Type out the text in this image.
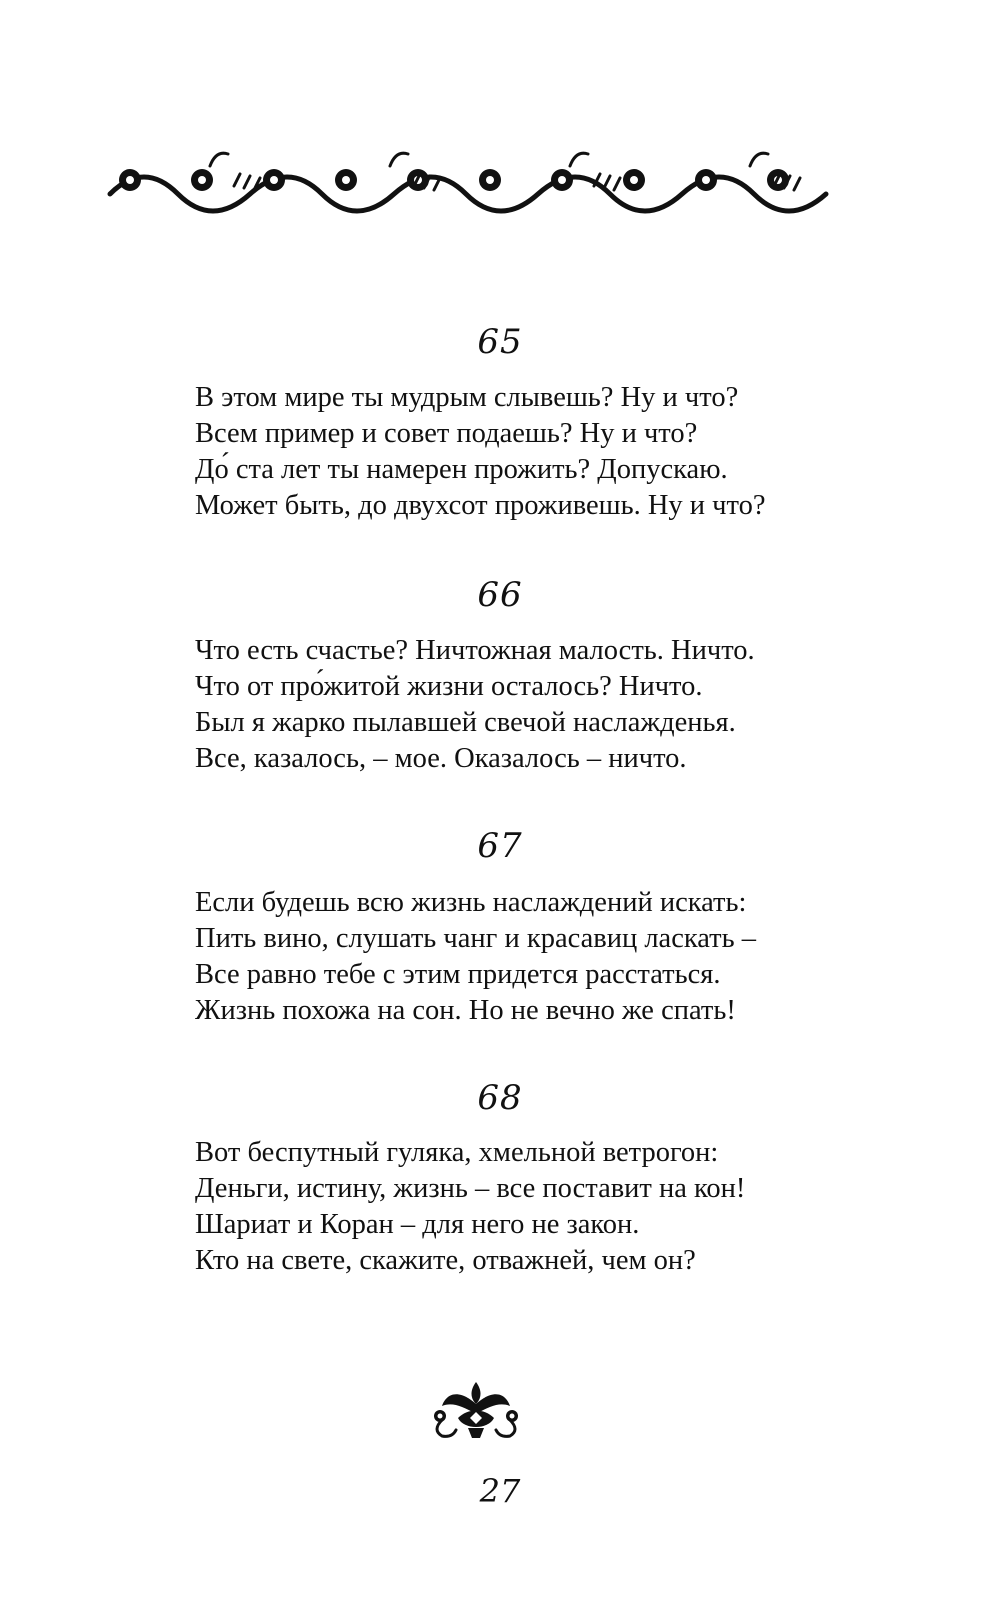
65
В этом мире ты мудрым слывешь? Ну и что?
Всем пример и совет подаешь? Ну и что?
До́ ста лет ты намерен прожить? Допускаю.
Может быть, до двухсот проживешь. Ну и что?
66
Что есть счастье? Ничтожная малость. Ничто.
Что от про́житой жизни осталось? Ничто.
Был я жарко пылавшей свечой наслажденья.
Все, казалось, – мое. Оказалось – ничто.
67
Если будешь всю жизнь наслаждений искать:
Пить вино, слушать чанг и красавиц ласкать –
Все равно тебе с этим придется расстаться.
Жизнь похожа на сон. Но не вечно же спать!
68
Вот беспутный гуляка, хмельной ветрогон:
Деньги, истину, жизнь – все поставит на кон!
Шариат и Коран – для него не закон.
Кто на свете, скажите, отважней, чем он?
27
